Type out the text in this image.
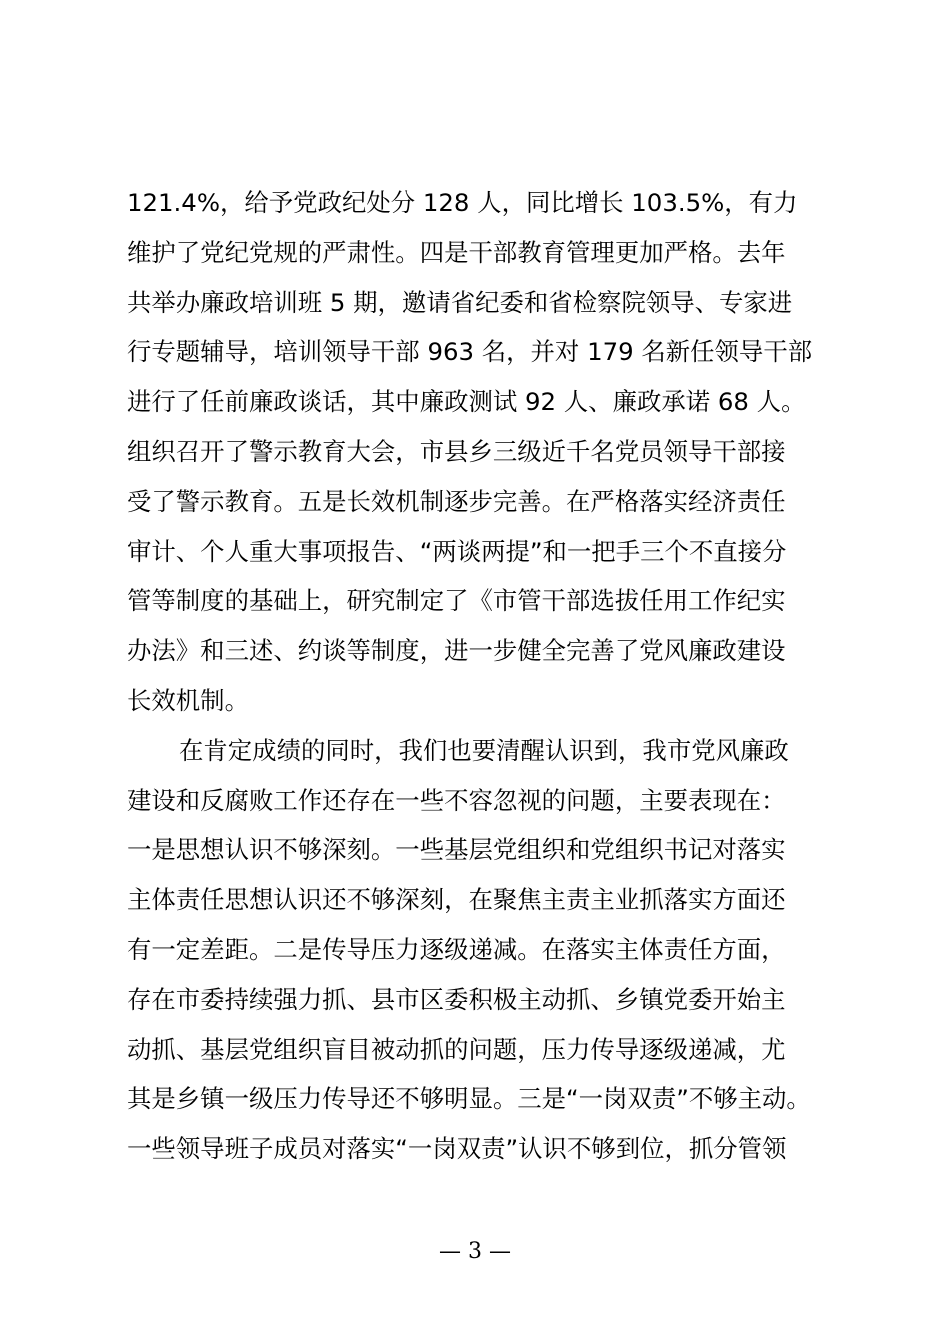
121.4%，给予党政纪处分 128 人，同比增长 103.5%，有力
维护了党纪党规的严肃性。四是干部教育管理更加严格。去年
共举办廉政培训班 5 期，邀请省纪委和省检察院领导、专家进
行专题辅导，培训领导干部 963 名，并对 179 名新任领导干部
进行了任前廉政谈话，其中廉政测试 92 人、廉政承诺 68 人。
组织召开了警示教育大会，市县乡三级近千名党员领导干部接
受了警示教育。五是长效机制逐步完善。在严格落实经济责任
审计、个人重大事项报告、“两谈两提”和一把手三个不直接分
管等制度的基础上，研究制定了《市管干部选拔任用工作纪实
办法》和三述、约谈等制度，进一步健全完善了党风廉政建设
长效机制。
在肯定成绩的同时，我们也要清醒认识到，我市党风廉政
建设和反腐败工作还存在一些不容忽视的问题，主要表现在：
一是思想认识不够深刻。一些基层党组织和党组织书记对落实
主体责任思想认识还不够深刻，在聚焦主责主业抓落实方面还
有一定差距。二是传导压力逐级递减。在落实主体责任方面，
存在市委持续强力抓、县市区委积极主动抓、乡镇党委开始主
动抓、基层党组织盲目被动抓的问题，压力传导逐级递减，尤
其是乡镇一级压力传导还不够明显。三是“一岗双责”不够主动。
一些领导班子成员对落实“一岗双责”认识不够到位，抓分管领
— 3 —
